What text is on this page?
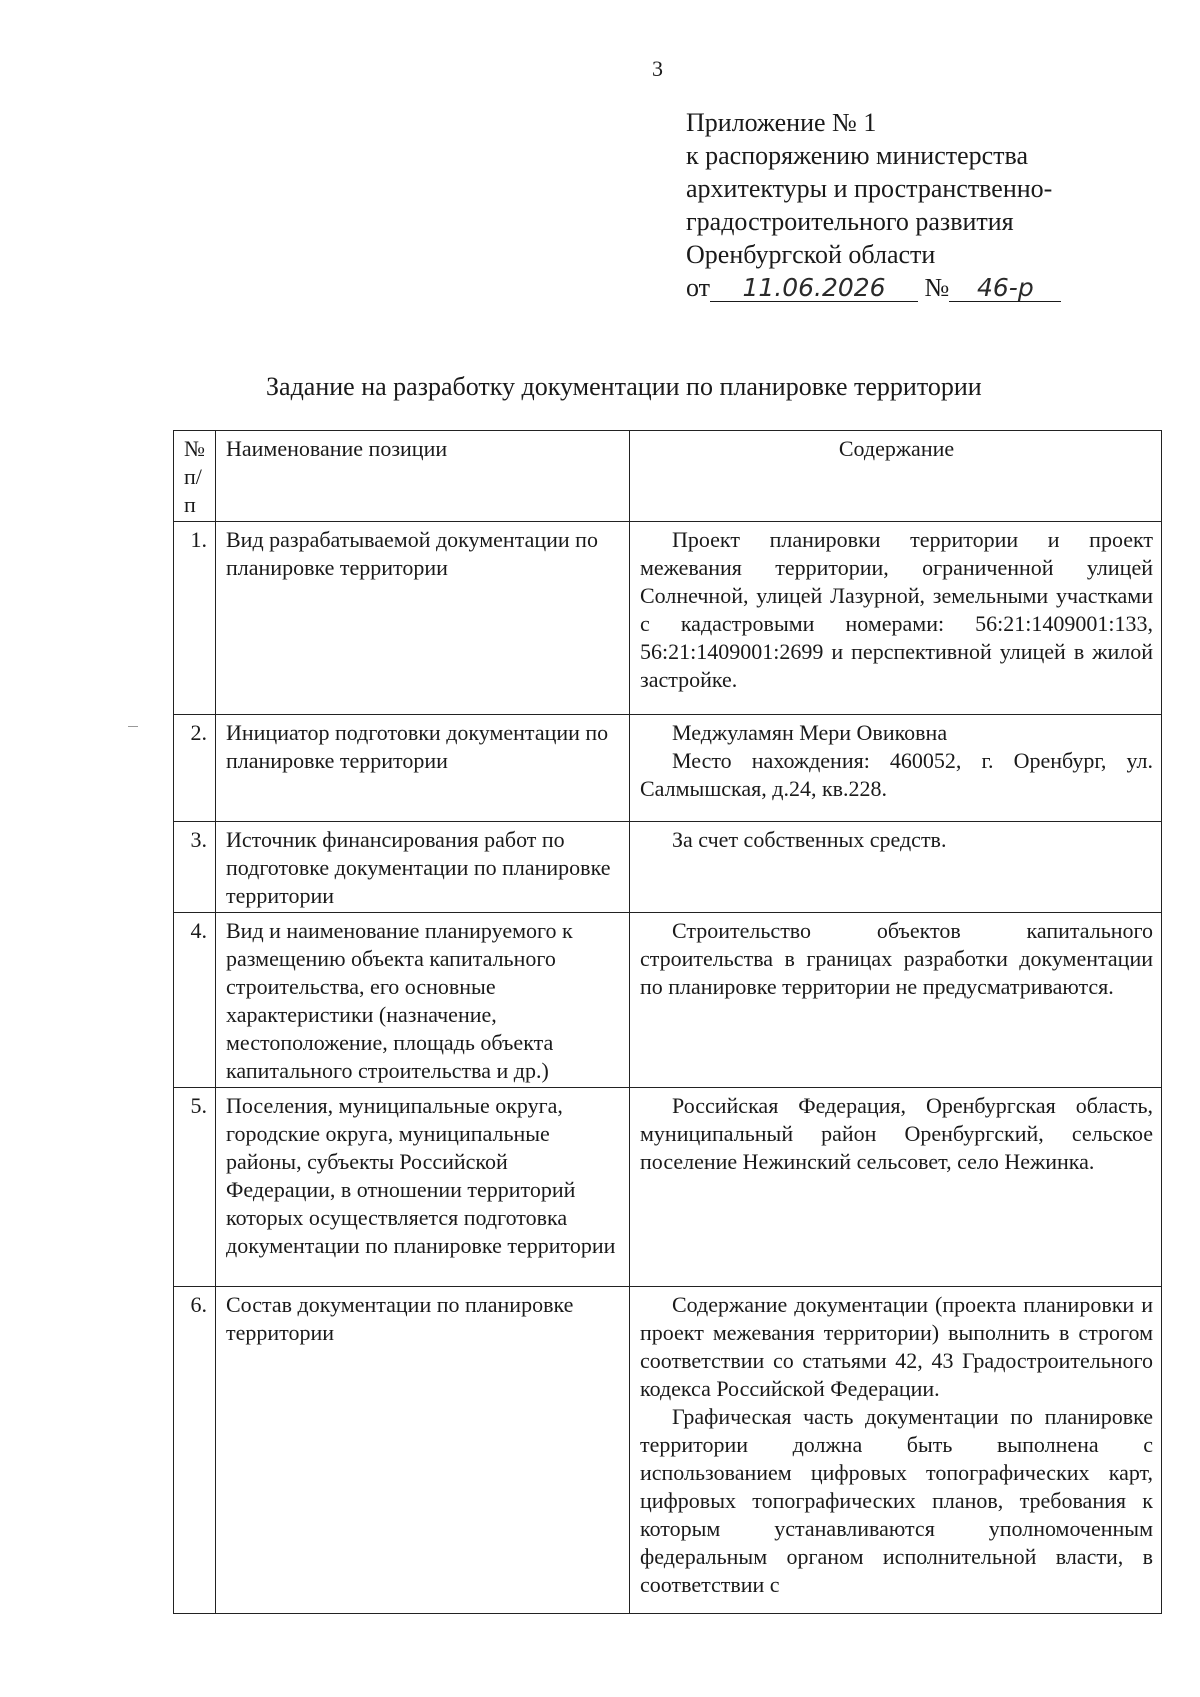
3
Приложение № 1
к распоряжению министерства
архитектуры и пространственно-
градостроительного развития
Оренбургской области
от 11.06.2026 № 46-р
Задание на разработку документации по планировке территории
№ п/п	Наименование позиции	Содержание
1.	Вид разрабатываемой документации по планировке территории	Проект планировки территории и проект межевания территории, ограниченной улицей Солнечной, улицей Лазурной, земельными участками с кадастровыми номерами: 56:21:1409001:133, 56:21:1409001:2699 и перспективной улицей в жилой застройке.

2.	Инициатор подготовки документации по планировке территории	Меджуламян Мери Овиковна

Место нахождения: 460052, г. Оренбург, ул. Салмышская, д.24, кв.228.

3.	Источник финансирования работ по подготовке документации по планировке территории	За счет собственных средств.

4.	Вид и наименование планируемого к размещению объекта капитального строительства, его основные характеристики (назначение, местоположение, площадь объекта капитального строительства и др.)	Строительство объектов капитального строительства в границах разработки документации по планировке территории не предусматриваются.

5.	Поселения, муниципальные округа, городские округа, муниципальные районы, субъекты Российской Федерации, в отношении территорий которых осуществляется подготовка документации по планировке территории	Российская Федерация, Оренбургская область, муниципальный район Оренбургский, сельское поселение Нежинский сельсовет, село Нежинка.

6.	Состав документации по планировке территории	Содержание документации (проекта планировки и проект межевания территории) выполнить в строгом соответствии со статьями 42, 43 Градостроительного кодекса Российской Федерации.

Графическая часть документации по планировке территории должна быть выполнена с использованием цифровых топографических карт, цифровых топографических планов, требования к которым устанавливаются уполномоченным федеральным органом исполнительной власти, в соответствии с
